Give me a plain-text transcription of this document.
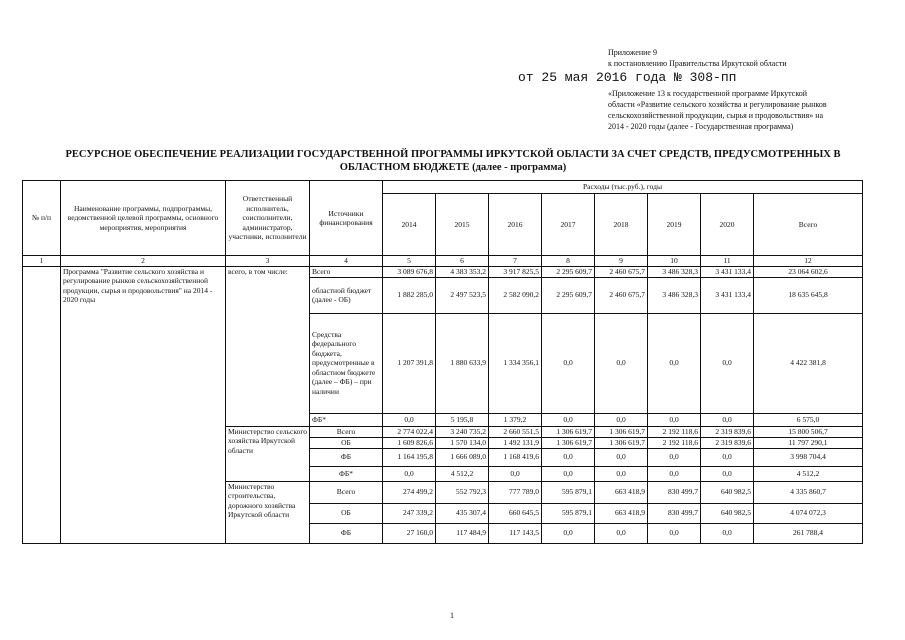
Приложение 9
к постановлению Правительства Иркутской области
от 25 мая 2016 года № 308-пп
«Приложение 13 к государственной программе Иркутской
области «Развитие сельского хозяйства и регулирование рынков
сельскохозяйственной продукции, сырья и продовольствия» на
2014 - 2020 годы (далее - Государственная программа)
РЕСУРСНОЕ ОБЕСПЕЧЕНИЕ РЕАЛИЗАЦИИ ГОСУДАРСТВЕННОЙ ПРОГРАММЫ ИРКУТСКОЙ ОБЛАСТИ ЗА СЧЕТ СРЕДСТВ, ПРЕДУСМОТРЕННЫХ В
ОБЛАСТНОМ БЮДЖЕТЕ (далее - программа)
№ п/п	Наименование программы, подпрограммы, ведомственной целевой программы, основного мероприятия, мероприятия	Ответственный исполнитель, соисполнители, администратор, участники, исполнители	Источники финансирования	Расходы (тыс.руб.), годы							
				2014	2015	2016	2017	2018	2019	2020	Всего
1	2	3	4	5	6	7	8	9	10	11	12
	Программа "Развитие сельского хозяйства и регулирование рынков сельскохозяйственной продукции, сырья и продовольствия" на 2014 - 2020 годы	всего, в том числе:	Всего	3 089 676,8	4 383 353,2	3 917 825,5	2 295 609,7	2 460 675,7	3 486 328,3	3 431 133,4	23 064 602,6
			областной бюджет (далее - ОБ)	1 882 285,0	2 497 523,5	2 582 090,2	2 295 609,7	2 460 675,7	3 486 328,3	3 431 133,4	18 635 645,8
			Средства федерального бюджета, предусмотренные в областном бюджете (далее – ФБ) – при наличии	1 207 391,8	1 880 633,9	1 334 356,1	0,0	0,0	0,0	0,0	4 422 381,8
			ФБ*	0,0	5 195,8	1 379,2	0,0	0,0	0,0	0,0	6 575,0
		Министерство сельского хозяйства Иркутской области	Всего	2 774 022,4	3 240 735,2	2 660 551,5	1 306 619,7	1 306 619,7	2 192 118,6	2 319 839,6	15 800 506,7
			ОБ	1 609 826,6	1 570 134,0	1 492 131,9	1 306 619,7	1 306 619,7	2 192 118,6	2 319 839,6	11 797 290,1
			ФБ	1 164 195,8	1 666 089,0	1 168 419,6	0,0	0,0	0,0	0,0	3 998 704,4
			ФБ*	0,0	4 512,2	0,0	0,0	0,0	0,0	0,0	4 512,2
		Министерство строительства, дорожного хозяйства Иркутской области	Всего	274 499,2	552 792,3	777 789,0	595 879,1	663 418,9	830 499,7	640 982,5	4 335 860,7
			ОБ	247 339,2	435 307,4	660 645,5	595 879,1	663 418,9	830 499,7	640 982,5	4 074 072,3
			ФБ	27 160,0	117 484,9	117 143,5	0,0	0,0	0,0	0,0	261 788,4
1
